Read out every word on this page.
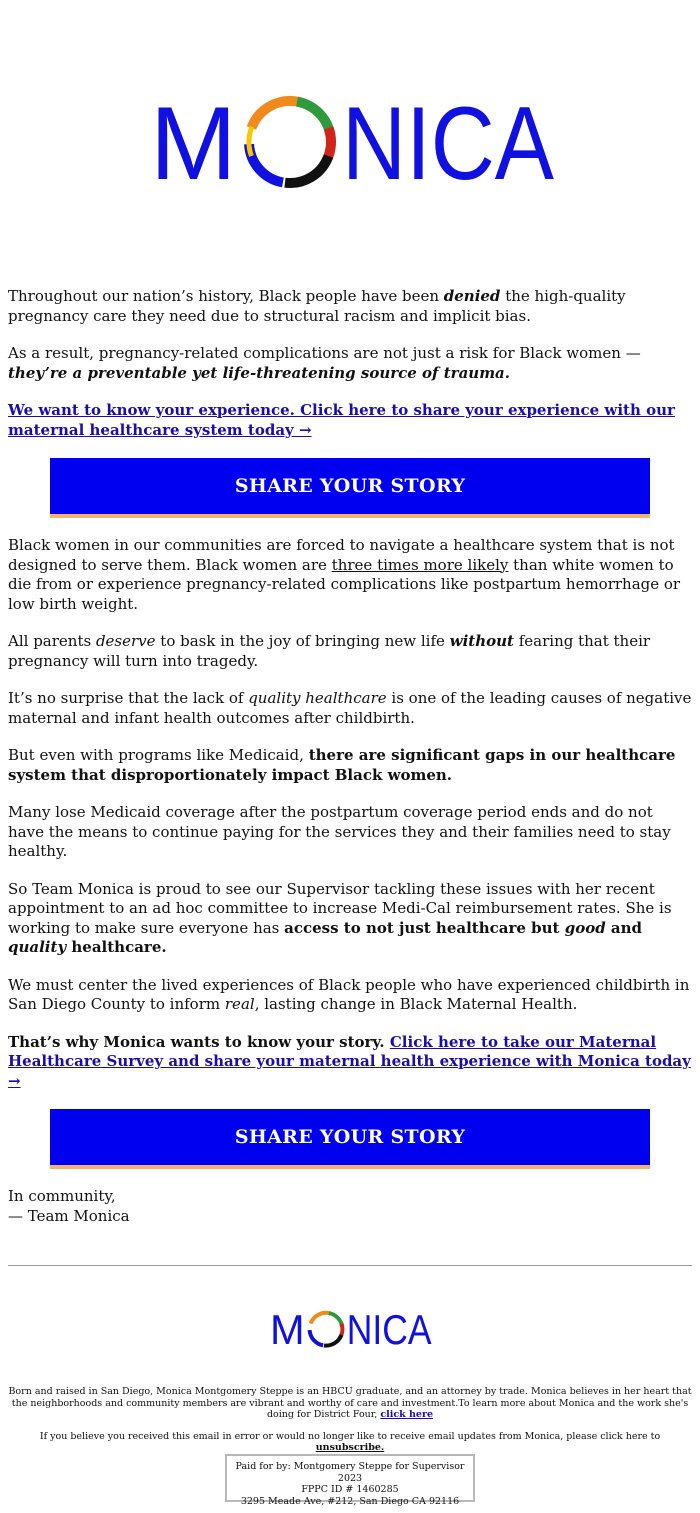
M NICA

Throughout our nation’s history, Black people have been denied the high-quality pregnancy care they need due to structural racism and implicit bias.

As a result, pregnancy-related complications are not just a risk for Black women — they’re a preventable yet life-threatening source of trauma.

We want to know your experience. Click here to share your experience with our maternal healthcare system today →

SHARE YOUR STORY

Black women in our communities are forced to navigate a healthcare system that is not designed to serve them. Black women are three times more likely than white women to die from or experience pregnancy-related complications like postpartum hemorrhage or low birth weight.

All parents deserve to bask in the joy of bringing new life without fearing that their pregnancy will turn into tragedy.

It’s no surprise that the lack of quality healthcare is one of the leading causes of negative maternal and infant health outcomes after childbirth.

But even with programs like Medicaid, there are significant gaps in our healthcare system that disproportionately impact Black women.

Many lose Medicaid coverage after the postpartum coverage period ends and do not have the means to continue paying for the services they and their families need to stay healthy.

So Team Monica is proud to see our Supervisor tackling these issues with her recent appointment to an ad hoc committee to increase Medi-Cal reimbursement rates. She is working to make sure everyone has access to not just healthcare but good and quality healthcare.

We must center the lived experiences of Black people who have experienced childbirth in San Diego County to inform real, lasting change in Black Maternal Health.

That’s why Monica wants to know your story. Click here to take our Maternal Healthcare Survey and share your maternal health experience with Monica today →

SHARE YOUR STORY

In community,
— Team Monica

M NICA

Born and raised in San Diego, Monica Montgomery Steppe is an HBCU graduate, and an attorney by trade. Monica believes in her heart that the neighborhoods and community members are vibrant and worthy of care and investment.To learn more about Monica and the work she's doing for District Four, click here

If you believe you received this email in error or would no longer like to receive email updates from Monica, please click here to unsubscribe.

Paid for by: Montgomery Steppe for Supervisor 2023
FPPC ID # 1460285
3295 Meade Ave, #212, San Diego CA 92116
